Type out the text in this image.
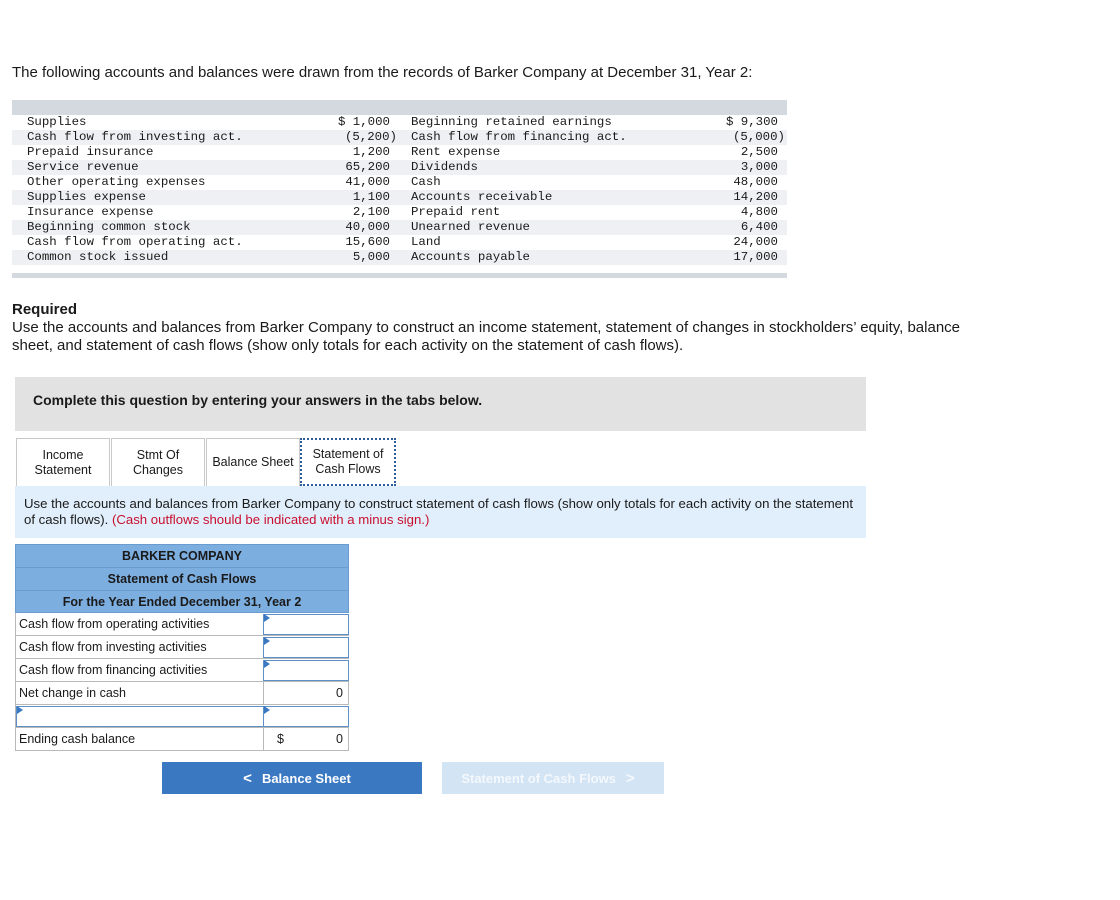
The following accounts and balances were drawn from the records of Barker Company at December 31, Year 2:
Supplies	$ 1,000 Beginning retained earnings	$ 9,300
Cash flow from investing act.	(5,200) Cash flow from financing act.	(5,000)
Prepaid insurance	1,200 Rent expense	2,500
Service revenue	65,200 Dividends	3,000
Other operating expenses	41,000 Cash	48,000
Supplies expense	1,100 Accounts receivable	14,200
Insurance expense	2,100 Prepaid rent	4,800
Beginning common stock	40,000 Unearned revenue	6,400
Cash flow from operating act.	15,600 Land	24,000
Common stock issued	5,000 Accounts payable	17,000
Required
Use the accounts and balances from Barker Company to construct an income statement, statement of changes in stockholders’ equity, balance sheet, and statement of cash flows (show only totals for each activity on the statement of cash flows).
Complete this question by entering your answers in the tabs below.
Income
Statement
Stmt Of
Changes
Balance Sheet
Statement of
Cash Flows
Use the accounts and balances from Barker Company to construct statement of cash flows (show only totals for each activity on the statement of cash flows). (Cash outflows should be indicated with a minus sign.)
BARKER COMPANY
Statement of Cash Flows
For the Year Ended December 31, Year 2
Cash flow from operating activities
Cash flow from investing activities
Cash flow from financing activities
Net change in cash	0
Ending cash balance	$	0
< Balance Sheet	Statement of Cash Flows >
